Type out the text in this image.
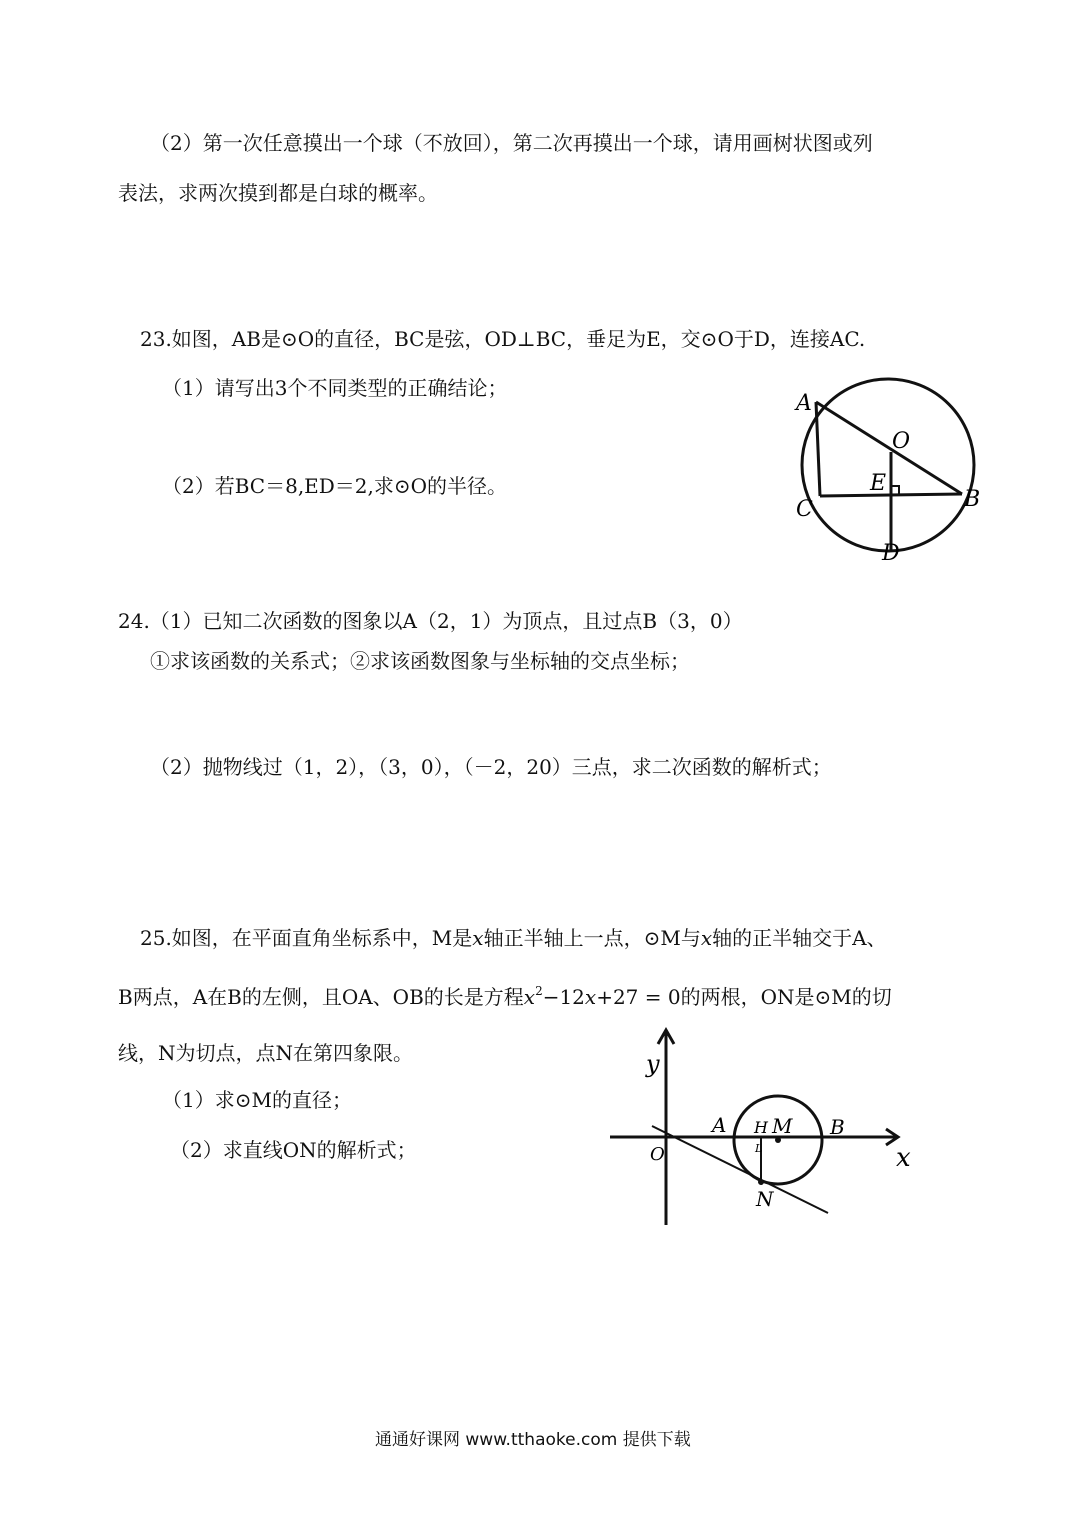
（2）第一次任意摸出一个球（不放回），第二次再摸出一个球，请用画树状图或列
表法，求两次摸到都是白球的概率。
23.如图，AB是⊙O的直径，BC是弦，OD⊥BC，垂足为E，交⊙O于D，连接AC.
（1）请写出3个不同类型的正确结论；
（2）若BC＝8,ED＝2,求⊙O的半径。
A
O
E
B
C
D
24.（1）已知二次函数的图象以A（2，1）为顶点，且过点B（3，0）
①求该函数的关系式；②求该函数图象与坐标轴的交点坐标；
（2）抛物线过（1，2），（3，0），（－2，20）三点，求二次函数的解析式；
25.如图，在平面直角坐标系中，M是x轴正半轴上一点，⊙M与x轴的正半轴交于A、
B两点，A在B的左侧，且OA、OB的长是方程$x^2-12x+27 = 0$的两根，ON是⊙M的切
线，N为切点，点N在第四象限。
（1）求⊙M的直径；
（2）求直线ON的解析式；
y
x
O
A H M B
L
N
通通好课网 www.tthaoke.com 提供下载
